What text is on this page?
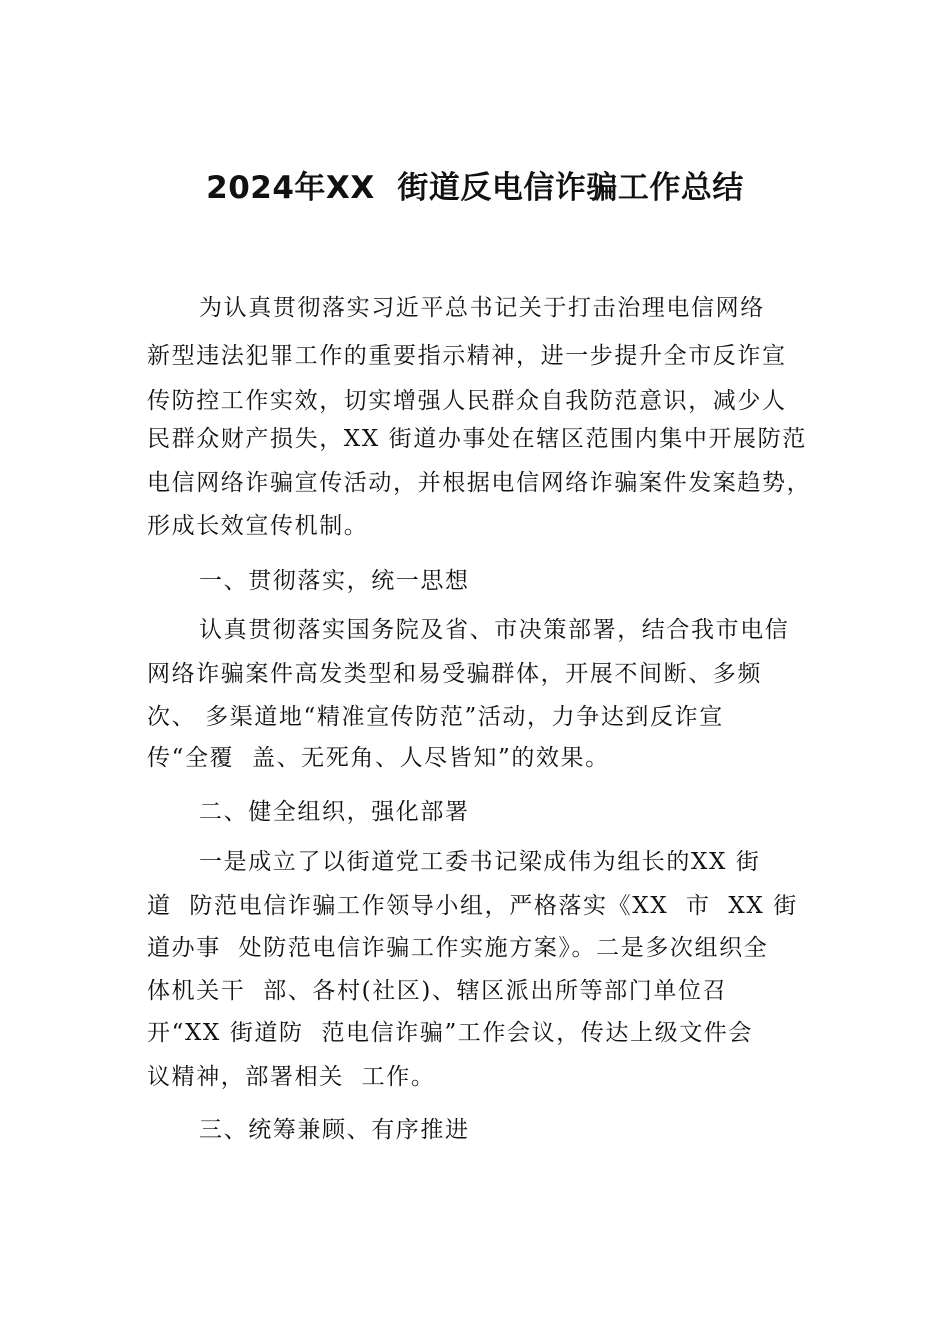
2024年XX  街道反电信诈骗工作总结
为认真贯彻落实习近平总书记关于打击治理电信网络
新型违法犯罪工作的重要指示精神，进一步提升全市反诈宣
传防控工作实效，切实增强人民群众自我防范意识，减少人
民群众财产损失，XX 街道办事处在辖区范围内集中开展防范
电信网络诈骗宣传活动，并根据电信网络诈骗案件发案趋势，
形成长效宣传机制。
一、贯彻落实，统一思想
认真贯彻落实国务院及省、市决策部署，结合我市电信
网络诈骗案件高发类型和易受骗群体，开展不间断、多频
次、 多渠道地“精准宣传防范”活动，力争达到反诈宣
传“全覆  盖、无死角、人尽皆知”的效果。
二、健全组织，强化部署
一是成立了以街道党工委书记梁成伟为组长的XX 街
道  防范电信诈骗工作领导小组，严格落实《XX  市  XX 街
道办事  处防范电信诈骗工作实施方案》。二是多次组织全
体机关干  部、各村(社区)、辖区派出所等部门单位召
开“XX 街道防  范电信诈骗”工作会议，传达上级文件会
议精神，部署相关  工作。
三、统筹兼顾、有序推进
